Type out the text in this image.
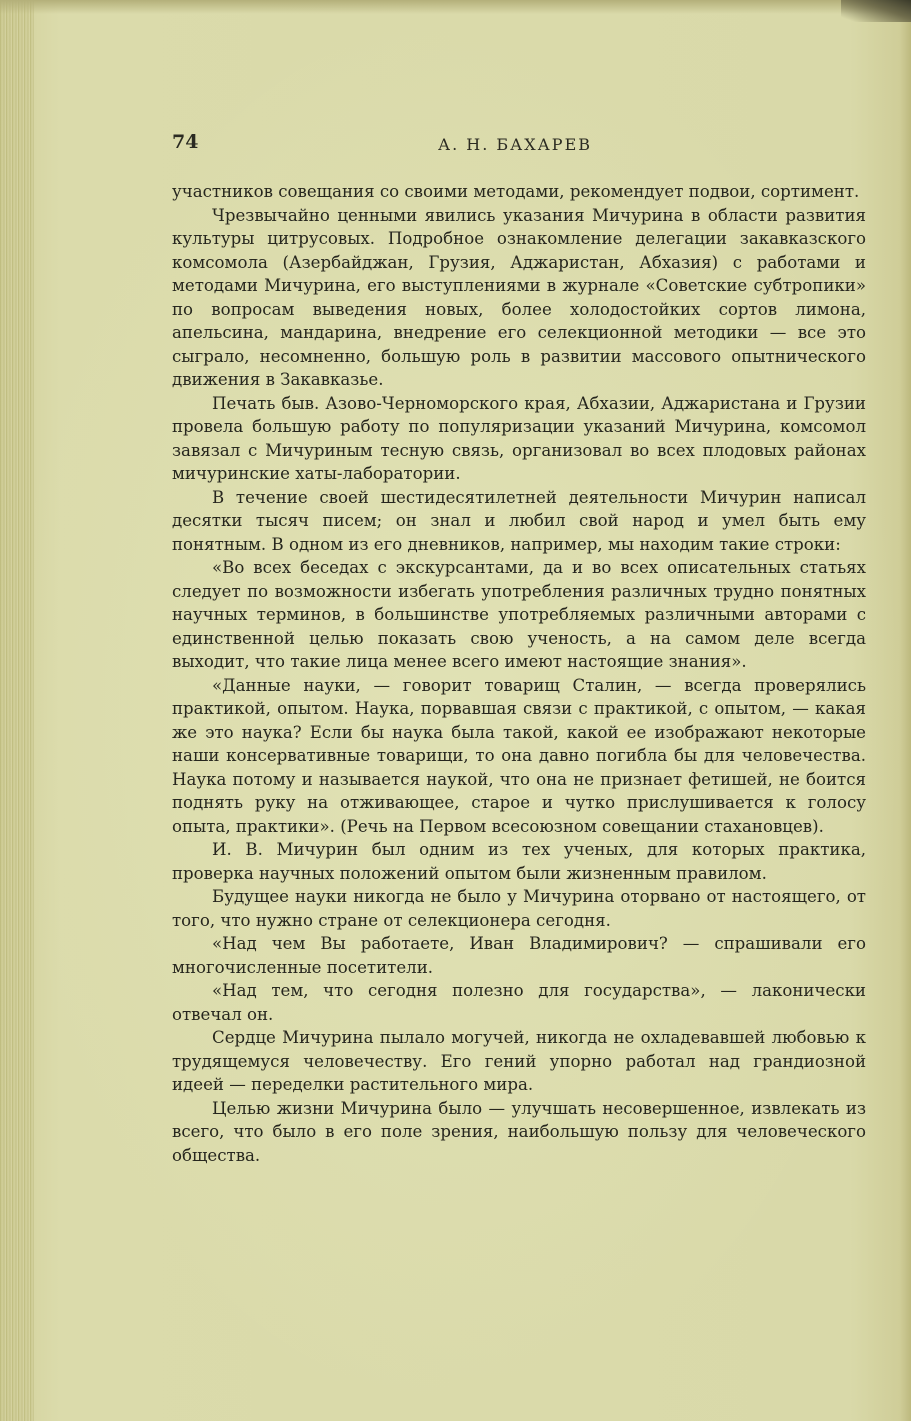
74	А. Н. БАХАРЕВ

участников совещания со своими методами, рекомендует подвои, сортимент.

Чрезвычайно ценными явились указания Мичурина в области развития культуры цитрусовых. Подробное ознакомление делегации закавказского комсомола (Азербайджан, Грузия, Аджаристан, Абхазия) с работами и методами Мичурина, его выступлениями в журнале «Советские субтропики» по вопросам выведения новых, более холодостойких сортов лимона, апельсина, мандарина, внедрение его селекционной методики — все это сыграло, несомненно, большую роль в развитии массового опытнического движения в Закавказье.

Печать быв. Азово-Черноморского края, Абхазии, Аджаристана и Грузии провела большую работу по популяризации указаний Мичурина, комсомол завязал с Мичуриным тесную связь, организовал во всех плодовых районах мичуринские хаты-лаборатории.

В течение своей шестидесятилетней деятельности Мичурин написал десятки тысяч писем; он знал и любил свой народ и умел быть ему понятным. В одном из его дневников, например, мы находим такие строки:

«Во всех беседах с экскурсантами, да и во всех описательных статьях следует по возможности избегать употребления различных трудно понятных научных терминов, в большинстве употребляемых различными авторами с единственной целью показать свою ученость, а на самом деле всегда выходит, что такие лица менее всего имеют настоящие знания».

«Данные науки, — говорит товарищ Сталин, — всегда проверялись практикой, опытом. Наука, порвавшая связи с практикой, с опытом, — какая же это наука? Если бы наука была такой, какой ее изображают некоторые наши консервативные товарищи, то она давно погибла бы для человечества. Наука потому и называется наукой, что она не признает фетишей, не боится поднять руку на отживающее, старое и чутко прислушивается к голосу опыта, практики». (Речь на Первом всесоюзном совещании стахановцев).

И. В. Мичурин был одним из тех ученых, для которых практика, проверка научных положений опытом были жизненным правилом.

Будущее науки никогда не было у Мичурина оторвано от настоящего, от того, что нужно стране от селекционера сегодня.

«Над чем Вы работаете, Иван Владимирович? — спрашивали его многочисленные посетители.

«Над тем, что сегодня полезно для государства», — лаконически отвечал он.

Сердце Мичурина пылало могучей, никогда не охладевавшей любовью к трудящемуся человечеству. Его гений упорно работал над грандиозной идеей — переделки растительного мира.

Целью жизни Мичурина было — улучшать несовершенное, извлекать из всего, что было в его поле зрения, наибольшую пользу для человеческого общества.
